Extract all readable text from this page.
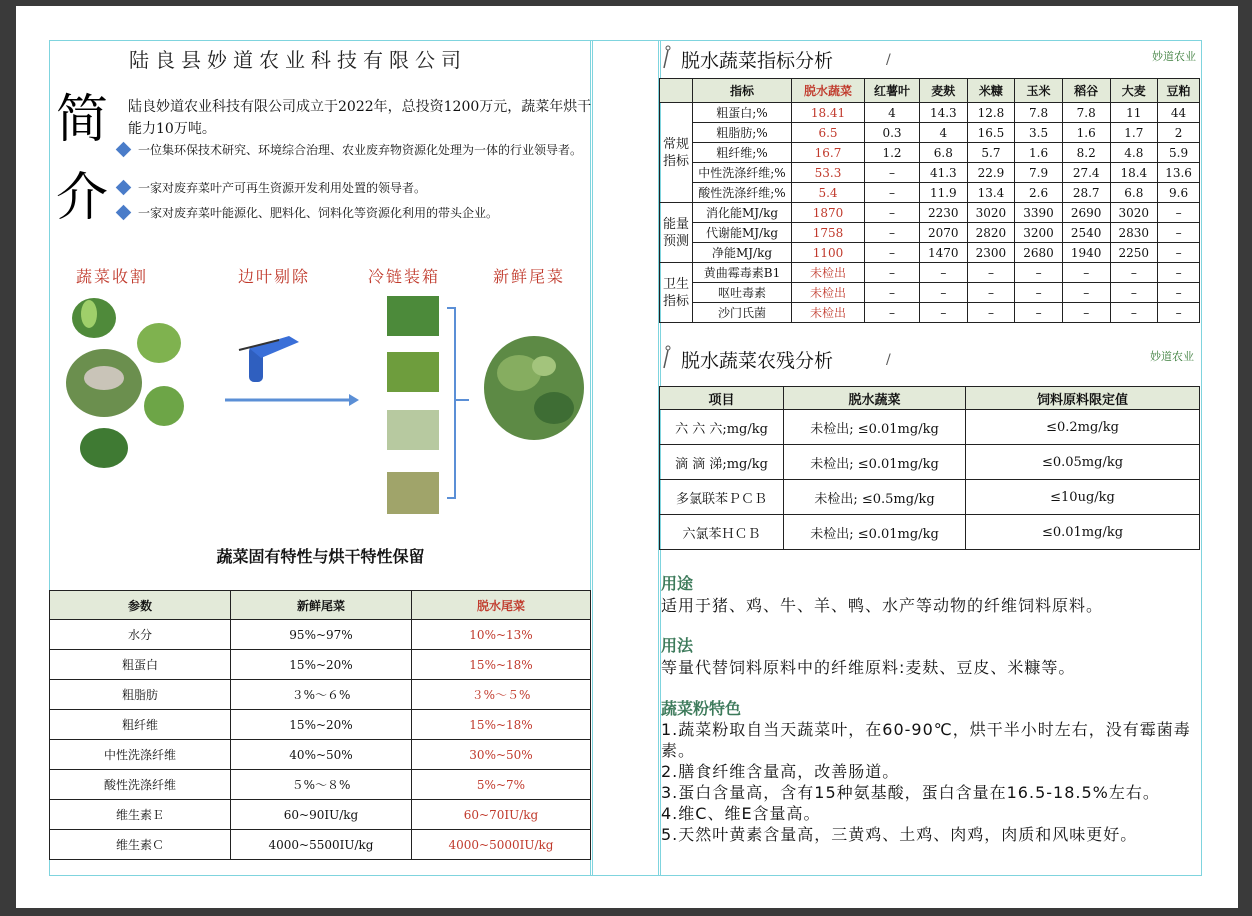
陆良县妙道农业科技有限公司
简
介
陆良妙道农业科技有限公司成立于2022年，总投资1200万元，蔬菜年烘干能力10万吨。
一位集环保技术研究、环境综合治理、农业废弃物资源化处理为一体的行业领导者。
一家对废弃菜叶产可再生资源开发利用处置的领导者。
一家对废弃菜叶能源化、肥料化、饲料化等资源化利用的带头企业。
蔬菜收割	边叶剔除	冷链装箱	新鲜尾菜
蔬菜固有特性与烘干特性保留
参数	新鲜尾菜	脱水尾菜
水分	95%~97%	10%~13%
粗蛋白	15%~20%	15%~18%
粗脂肪	３%～６%	３%～５%
粗纤维	15%~20%	15%~18%
中性洗涤纤维	40%~50%	30%~50%
酸性洗涤纤维	５%～８%	5%~7%
维生素Ｅ	60~90IU/kg	60~70IU/kg
维生素Ｃ	4000~5500IU/kg	4000~5000IU/kg
脱水蔬菜指标分析	/	妙道农业
	指标	脱水蔬菜	红薯叶	麦麸	米糠	玉米	稻谷	大麦	豆粕
常规指标	粗蛋白;%	18.41	4	14.3	12.8	7.8	7.8	11	44
	粗脂肪;%	6.5	0.3	4	16.5	3.5	1.6	1.7	2
	粗纤维;%	16.7	1.2	6.8	5.7	1.6	8.2	4.8	5.9
	中性洗涤纤维;%	53.3	–	41.3	22.9	7.9	27.4	18.4	13.6
	酸性洗涤纤维;%	5.4	–	11.9	13.4	2.6	28.7	6.8	9.6
能量预测	消化能MJ/kg	1870	–	2230	3020	3390	2690	3020	–
	代谢能MJ/kg	1758	–	2070	2820	3200	2540	2830	–
	净能MJ/kg	1100	–	1470	2300	2680	1940	2250	–
卫生指标	黄曲霉毒素B1	未检出	–	–	–	–	–	–	–
	呕吐毒素	未检出	–	–	–	–	–	–	–
	沙门氏菌	未检出	–	–	–	–	–	–	–
脱水蔬菜农残分析	/	妙道农业
项目	脱水蔬菜	饲料原料限定值
六 六 六;mg/kg	未检出; ≤0.01mg/kg	≤0.2mg/kg
滴 滴 涕;mg/kg	未检出; ≤0.01mg/kg	≤0.05mg/kg
多氯联苯ＰＣＢ	未检出; ≤0.5mg/kg	≤10ug/kg
六氯苯ＨＣＢ	未检出; ≤0.01mg/kg	≤0.01mg/kg
用途
适用于猪、鸡、牛、羊、鸭、水产等动物的纤维饲料原料。
用法
等量代替饲料原料中的纤维原料:麦麸、豆皮、米糠等。
蔬菜粉特色
1.蔬菜粉取自当天蔬菜叶，在60-90℃，烘干半小时左右，没有霉菌毒素。
2.膳食纤维含量高，改善肠道。
3.蛋白含量高，含有15种氨基酸，蛋白含量在16.5-18.5%左右。
4.维C、维E含量高。
5.天然叶黄素含量高，三黄鸡、土鸡、肉鸡，肉质和风味更好。
